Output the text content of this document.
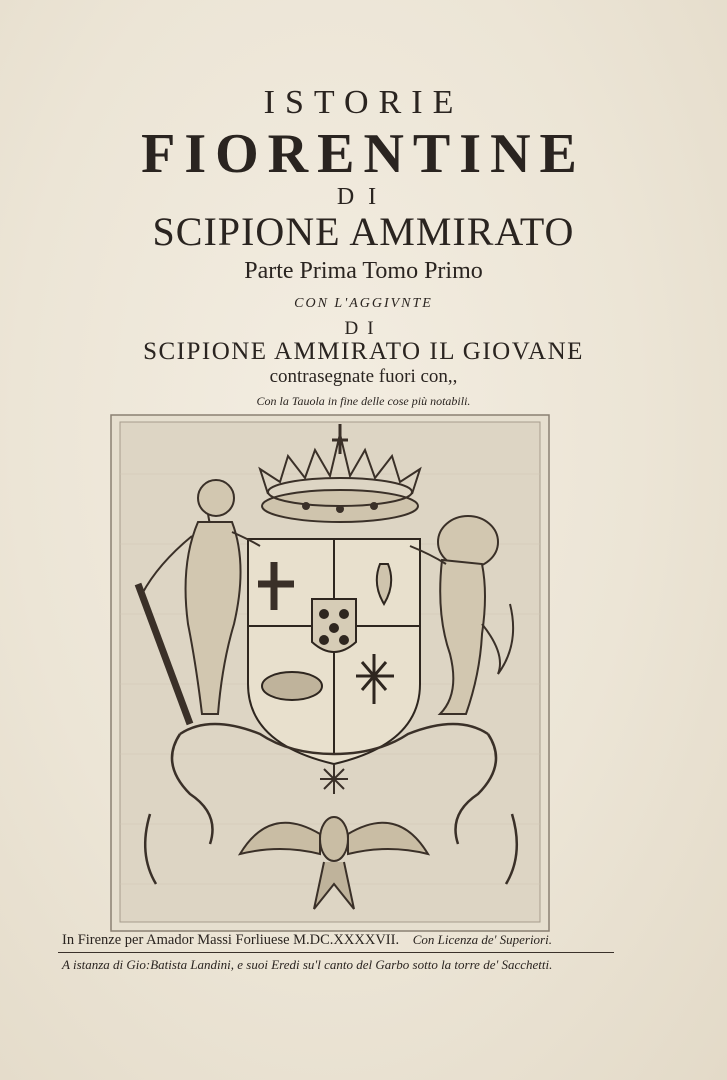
ISTORIE
FIORENTINE
DI
SCIPIONE AMMIRATO
Parte Prima Tomo Primo
CON L'AGGIVNTE
DI
SCIPIONE AMMIRATO IL GIOVANE
contrasegnate fuori con,,
Con la Tauola in fine delle cose più notabili.
In Firenze per Amador Massi Forliuese M.DC.XXXXVII. Con Licenza de' Superiori.
A istanza di Gio:Batista Landini, e suoi Eredi su'l canto del Garbo sotto la torre de' Sacchetti.
